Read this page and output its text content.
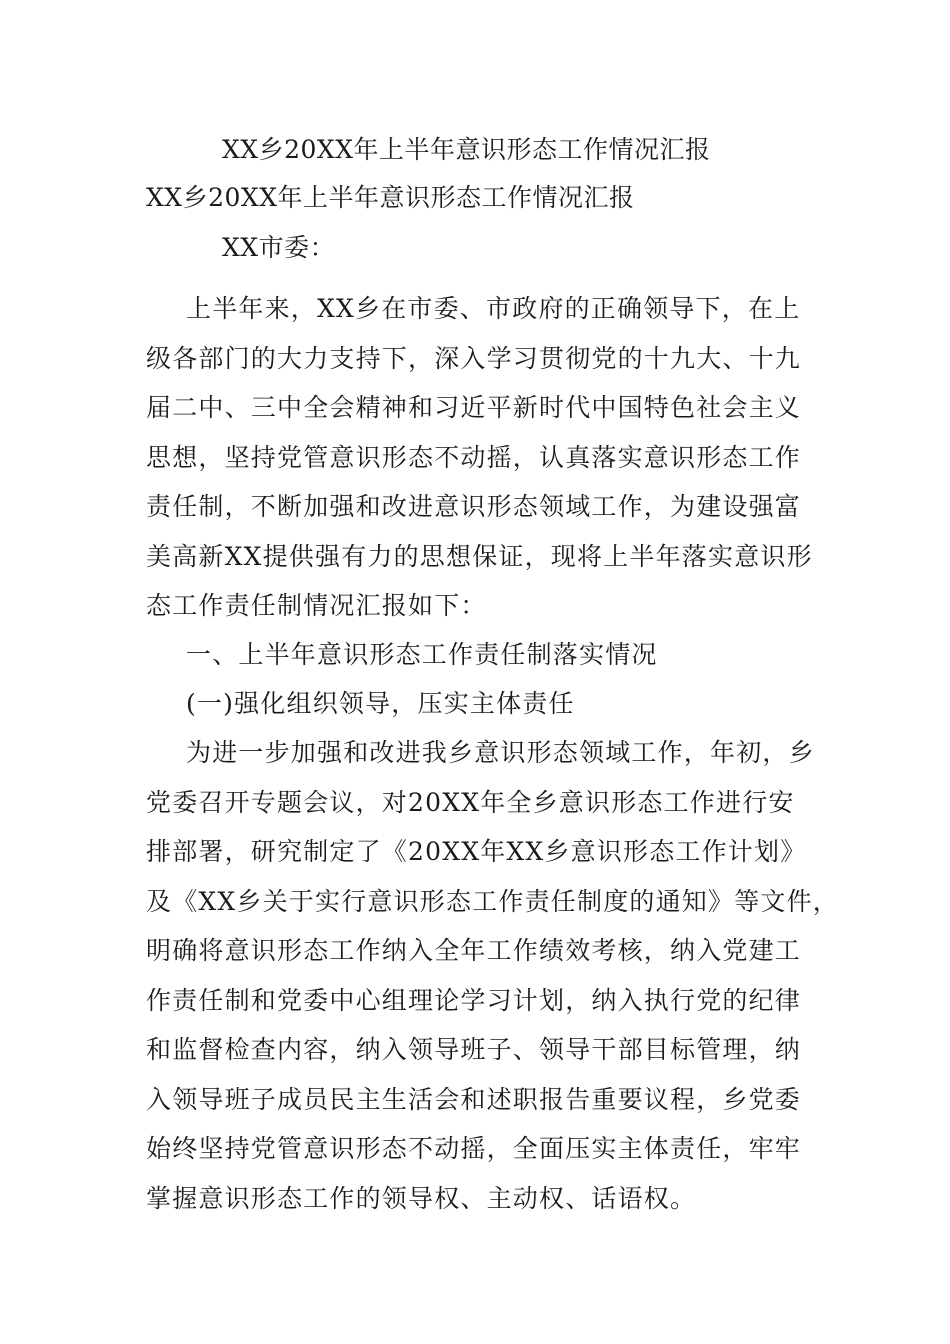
XX乡20XX年上半年意识形态工作情况汇报
XX乡20XX年上半年意识形态工作情况汇报
XX市委：
上半年来，XX乡在市委、市政府的正确领导下，在上
级各部门的大力支持下，深入学习贯彻党的十九大、十九
届二中、三中全会精神和习近平新时代中国特色社会主义
思想，坚持党管意识形态不动摇，认真落实意识形态工作
责任制，不断加强和改进意识形态领域工作，为建设强富
美高新XX提供强有力的思想保证，现将上半年落实意识形
态工作责任制情况汇报如下：
一、上半年意识形态工作责任制落实情况
(一)强化组织领导，压实主体责任
为进一步加强和改进我乡意识形态领域工作，年初，乡
党委召开专题会议，对20XX年全乡意识形态工作进行安
排部署，研究制定了《20XX年XX乡意识形态工作计划》
及《XX乡关于实行意识形态工作责任制度的通知》等文件，
明确将意识形态工作纳入全年工作绩效考核，纳入党建工
作责任制和党委中心组理论学习计划，纳入执行党的纪律
和监督检查内容，纳入领导班子、领导干部目标管理，纳
入领导班子成员民主生活会和述职报告重要议程，乡党委
始终坚持党管意识形态不动摇，全面压实主体责任，牢牢
掌握意识形态工作的领导权、主动权、话语权。
